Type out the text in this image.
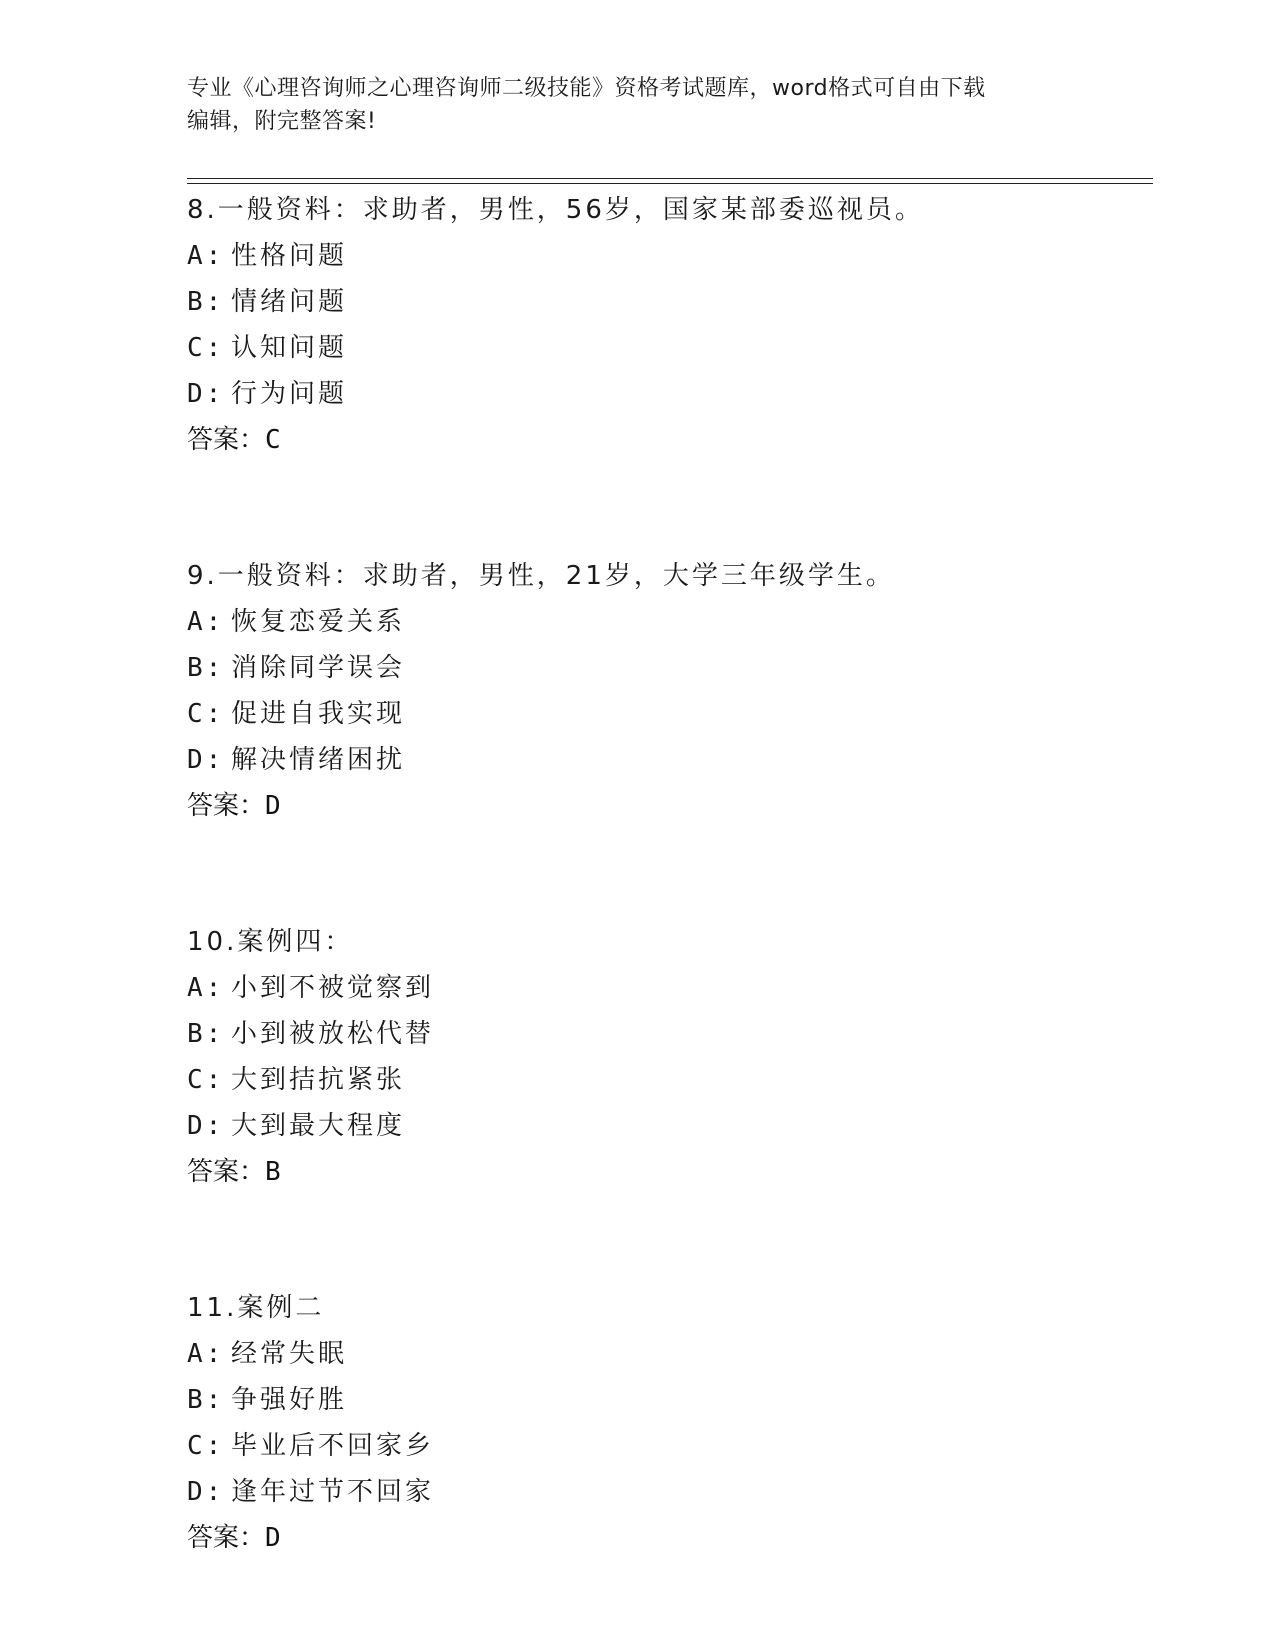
专业《心理咨询师之心理咨询师二级技能》资格考试题库，word格式可自由下载
编辑，附完整答案!
8.一般资料：求助者，男性，56岁，国家某部委巡视员。
A: 性格问题
B: 情绪问题
C: 认知问题
D: 行为问题
答案：C
9.一般资料：求助者，男性，21岁，大学三年级学生。
A: 恢复恋爱关系
B: 消除同学误会
C: 促进自我实现
D: 解决情绪困扰
答案：D
10.案例四：
A: 小到不被觉察到
B: 小到被放松代替
C: 大到拮抗紧张
D: 大到最大程度
答案：B
11.案例二
A: 经常失眠
B: 争强好胜
C: 毕业后不回家乡
D: 逢年过节不回家
答案：D
